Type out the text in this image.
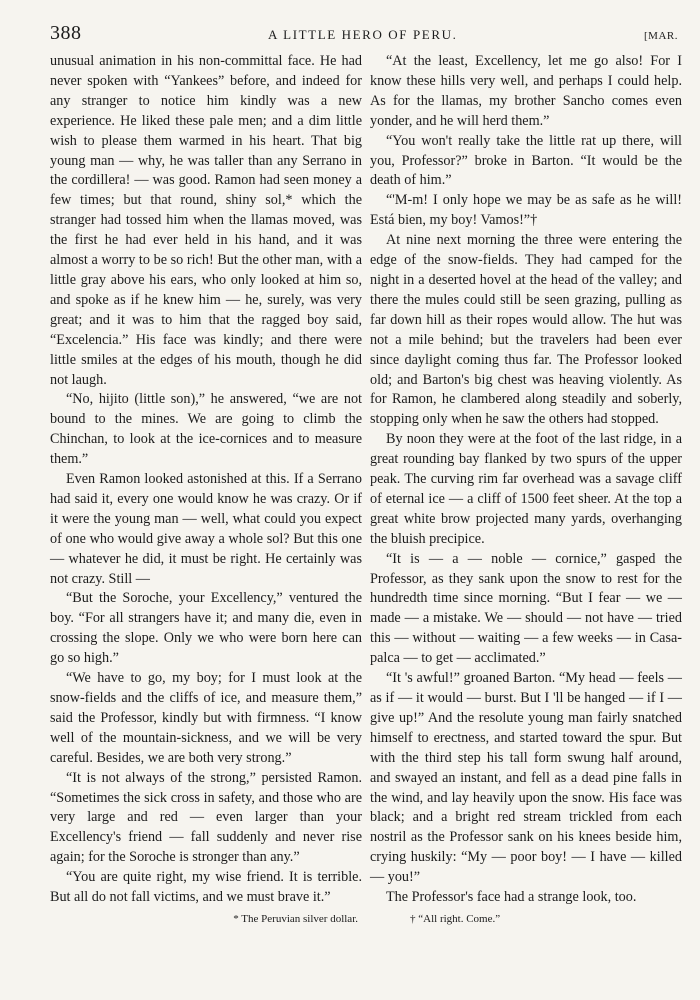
388	A LITTLE HERO OF PERU.	[MAR.

unusual animation in his non-committal face. He had never spoken with “Yankees” before, and indeed for any stranger to notice him kindly was a new experience. He liked these pale men; and a dim little wish to please them warmed in his heart. That big young man — why, he was taller than any Serrano in the cordillera! — was good. Ramon had seen money a few times; but that round, shiny sol,* which the stranger had tossed him when the llamas moved, was the first he had ever held in his hand, and it was almost a worry to be so rich! But the other man, with a little gray above his ears, who only looked at him so, and spoke as if he knew him — he, surely, was very great; and it was to him that the ragged boy said, “Excelencia.” His face was kindly; and there were little smiles at the edges of his mouth, though he did not laugh.

“No, hijito (little son),” he answered, “we are not bound to the mines. We are going to climb the Chinchan, to look at the ice-cornices and to measure them.”

Even Ramon looked astonished at this. If a Serrano had said it, every one would know he was crazy. Or if it were the young man — well, what could you expect of one who would give away a whole sol? But this one — whatever he did, it must be right. He certainly was not crazy. Still —

“But the Soroche, your Excellency,” ventured the boy. “For all strangers have it; and many die, even in crossing the slope. Only we who were born here can go so high.”

“We have to go, my boy; for I must look at the snow-fields and the cliffs of ice, and measure them,” said the Professor, kindly but with firmness. “I know well of the mountain-sickness, and we will be very careful. Besides, we are both very strong.”

“It is not always of the strong,” persisted Ramon. “Sometimes the sick cross in safety, and those who are very large and red — even larger than your Excellency's friend — fall suddenly and never rise again; for the Soroche is stronger than any.”

“You are quite right, my wise friend. It is terrible. But all do not fall victims, and we must brave it.”

* The Peruvian silver dollar.

“At the least, Excellency, let me go also! For I know these hills very well, and perhaps I could help. As for the llamas, my brother Sancho comes even yonder, and he will herd them.”

“You won't really take the little rat up there, will you, Professor?” broke in Barton. “It would be the death of him.”

“'M-m! I only hope we may be as safe as he will! Está bien, my boy! Vamos!”†

At nine next morning the three were entering the edge of the snow-fields. They had camped for the night in a deserted hovel at the head of the valley; and there the mules could still be seen grazing, pulling as far down hill as their ropes would allow. The hut was not a mile behind; but the travelers had been ever since daylight coming thus far. The Professor looked old; and Barton's big chest was heaving violently. As for Ramon, he clambered along steadily and soberly, stopping only when he saw the others had stopped.

By noon they were at the foot of the last ridge, in a great rounding bay flanked by two spurs of the upper peak. The curving rim far overhead was a savage cliff of eternal ice — a cliff of 1500 feet sheer. At the top a great white brow projected many yards, overhanging the bluish precipice.

“It is — a — noble — cornice,” gasped the Professor, as they sank upon the snow to rest for the hundredth time since morning. “But I fear — we — made — a mistake. We — should — not have — tried this — without — waiting — a few weeks — in Casa-palca — to get — acclimated.”

“It 's awful!” groaned Barton. “My head — feels — as if — it would — burst. But I 'll be hanged — if I — give up!” And the resolute young man fairly snatched himself to erectness, and started toward the spur. But with the third step his tall form swung half around, and swayed an instant, and fell as a dead pine falls in the wind, and lay heavily upon the snow. His face was black; and a bright red stream trickled from each nostril as the Professor sank on his knees beside him, crying huskily: “My — poor boy! — I have — killed — you!”

The Professor's face had a strange look, too.

† “All right. Come.”
